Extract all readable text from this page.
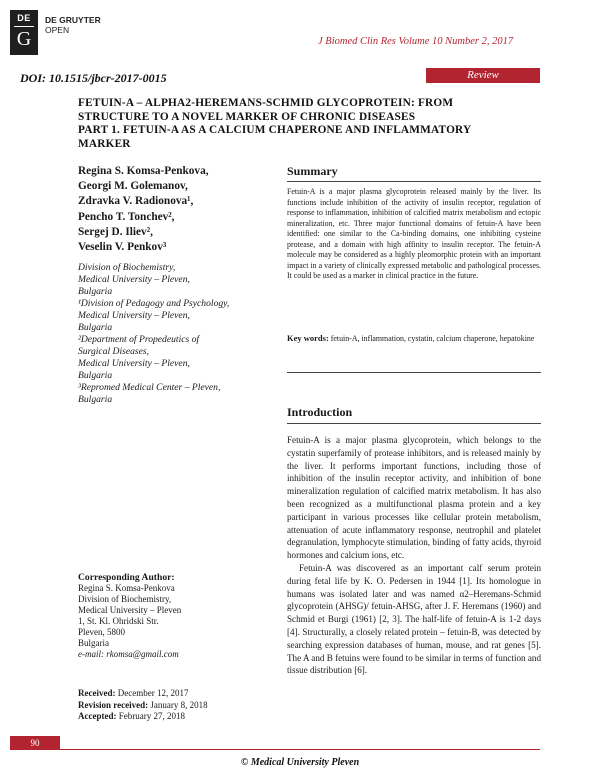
DE
G
DE GRUYTER
OPEN
J Biomed Clin Res Volume 10 Number 2, 2017
DOI: 10.1515/jbcr-2017-0015	Review
FETUIN-A – ALPHA2-HEREMANS-SCHMID GLYCOPROTEIN: FROM
STRUCTURE TO A NOVEL MARKER OF CHRONIC DISEASES
PART 1. FETUIN-A AS A CALCIUM CHAPERONE AND INFLAMMATORY
MARKER
Regina S. Komsa-Penkova,
Georgi M. Golemanov,
Zdravka V. Radionova¹,
Pencho T. Tonchev²,
Sergej D. Iliev²,
Veselin V. Penkov³
Division of Biochemistry,
Medical University – Pleven,
Bulgaria
¹Division of Pedagogy and Psychology,
Medical University – Pleven,
Bulgaria
²Department of Propedeutics of
Surgical Diseases,
Medical University – Pleven,
Bulgaria
³Repromed Medical Center – Pleven,
Bulgaria
Corresponding Author:
Regina S. Komsa-Penkova
Division of Biochemistry,
Medical University – Pleven
1, St. Kl. Ohridski Str.
Pleven, 5800
Bulgaria
e-mail: rkomsa@gmail.com
Received: December 12, 2017
Revision received: January 8, 2018
Accepted: February 27, 2018
Summary
Fetuin-A is a major plasma glycoprotein released mainly by the liver. Its functions include inhibition of the activity of insulin receptor, regulation of response to inflammation, inhibition of calcified matrix metabolism and ectopic mineralization, etc. Three major functional domains of fetuin-A have been identified: one similar to the Ca-binding domains, one inhibiting cysteine protease, and a domain with high affinity to insulin receptor. The fetuin-A molecule may be considered as a highly pleomorphic protein with an important impact in a variety of clinically expressed metabolic and pathological processes. It could be used as a marker in clinical practice in the future.
Key words: fetuin-A, inflammation, cystatin, calcium chaperone, hepatokine
Introduction

Fetuin-A is a major plasma glycoprotein, which belongs to the cystatin superfamily of protease inhibitors, and is released mainly by the liver. It performs important functions, including those of inhibition of the insulin receptor activity, and inhibition of bone mineralization regulation of calcified matrix metabolism. It has also been recognized as a multifunctional plasma protein and a key participant in various processes like cellular protein metabolism, attenuation of acute inflammatory response, neutrophil and platelet degranulation, lymphocyte stimulation, binding of fatty acids, thyroid hormones and calcium ions, etc.

Fetuin-A was discovered as an important calf serum protein during fetal life by K. O. Pedersen in 1944 [1]. Its homologue in humans was isolated later and was named α2–Heremans-Schmid glycoprotein (AHSG)/ fetuin-AHSG, after J. F. Heremans (1960) and Schmid et Burgi (1961) [2, 3]. The half-life of fetuin-A is 1-2 days [4]. Structurally, a closely related protein – fetuin-B, was detected by searching expression databases of human, mouse, and rat genes [5]. The A and B fetuins were found to be similar in terms of function and tissue distribution [6].

90
© Medical University Pleven
